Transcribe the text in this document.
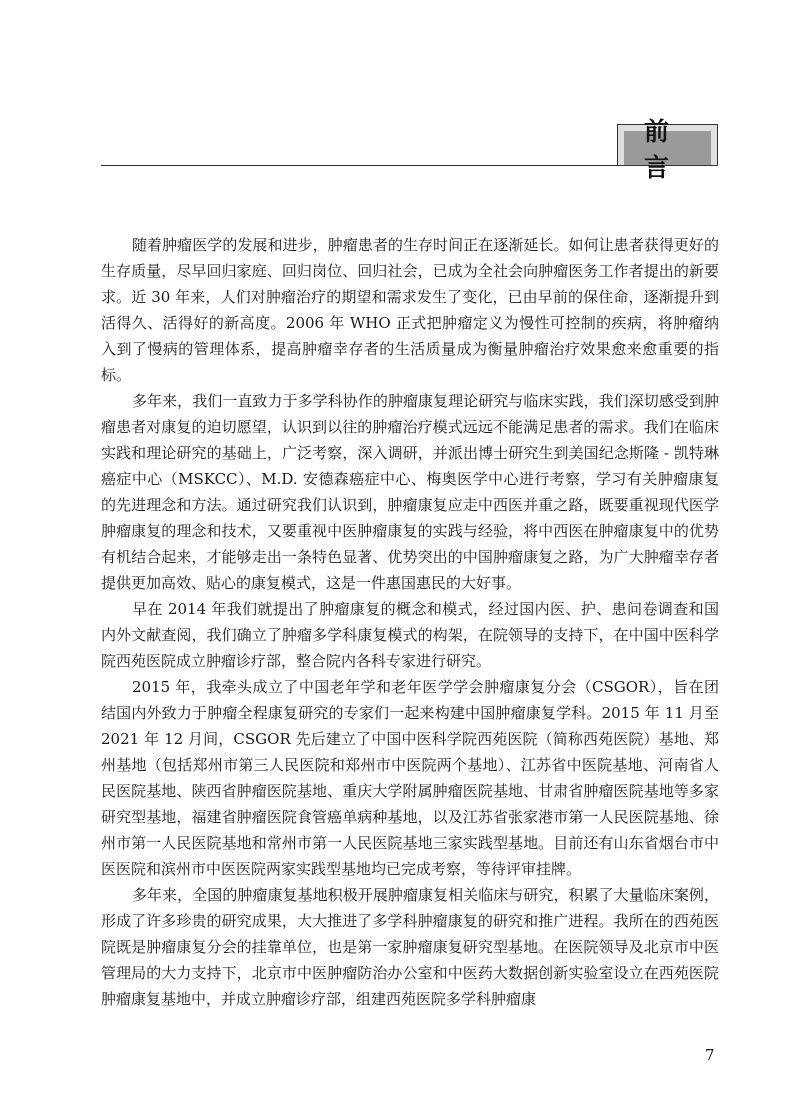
前 言

随着肿瘤医学的发展和进步，肿瘤患者的生存时间正在逐渐延长。如何让患者获得更好的生存质量，尽早回归家庭、回归岗位、回归社会，已成为全社会向肿瘤医务工作者提出的新要求。近 30 年来，人们对肿瘤治疗的期望和需求发生了变化，已由早前的保住命，逐渐提升到活得久、活得好的新高度。2006 年 WHO 正式把肿瘤定义为慢性可控制的疾病，将肿瘤纳入到了慢病的管理体系，提高肿瘤幸存者的生活质量成为衡量肿瘤治疗效果愈来愈重要的指标。

多年来，我们一直致力于多学科协作的肿瘤康复理论研究与临床实践，我们深切感受到肿瘤患者对康复的迫切愿望，认识到以往的肿瘤治疗模式远远不能满足患者的需求。我们在临床实践和理论研究的基础上，广泛考察，深入调研，并派出博士研究生到美国纪念斯隆 - 凯特琳癌症中心（MSKCC）、M.D. 安德森癌症中心、梅奥医学中心进行考察，学习有关肿瘤康复的先进理念和方法。通过研究我们认识到，肿瘤康复应走中西医并重之路，既要重视现代医学肿瘤康复的理念和技术，又要重视中医肿瘤康复的实践与经验，将中西医在肿瘤康复中的优势有机结合起来，才能够走出一条特色显著、优势突出的中国肿瘤康复之路，为广大肿瘤幸存者提供更加高效、贴心的康复模式，这是一件惠国惠民的大好事。

早在 2014 年我们就提出了肿瘤康复的概念和模式，经过国内医、护、患问卷调查和国内外文献查阅，我们确立了肿瘤多学科康复模式的构架，在院领导的支持下，在中国中医科学院西苑医院成立肿瘤诊疗部，整合院内各科专家进行研究。

2015 年，我牵头成立了中国老年学和老年医学学会肿瘤康复分会（CSGOR），旨在团结国内外致力于肿瘤全程康复研究的专家们一起来构建中国肿瘤康复学科。2015 年 11 月至 2021 年 12 月间，CSGOR 先后建立了中国中医科学院西苑医院（简称西苑医院）基地、郑州基地（包括郑州市第三人民医院和郑州市中医院两个基地）、江苏省中医院基地、河南省人民医院基地、陕西省肿瘤医院基地、重庆大学附属肿瘤医院基地、甘肃省肿瘤医院基地等多家研究型基地，福建省肿瘤医院食管癌单病种基地，以及江苏省张家港市第一人民医院基地、徐州市第一人民医院基地和常州市第一人民医院基地三家实践型基地。目前还有山东省烟台市中医医院和滨州市中医医院两家实践型基地均已完成考察，等待评审挂牌。

多年来，全国的肿瘤康复基地积极开展肿瘤康复相关临床与研究，积累了大量临床案例，形成了许多珍贵的研究成果，大大推进了多学科肿瘤康复的研究和推广进程。我所在的西苑医院既是肿瘤康复分会的挂靠单位，也是第一家肿瘤康复研究型基地。在医院领导及北京市中医管理局的大力支持下，北京市中医肿瘤防治办公室和中医药大数据创新实验室设立在西苑医院肿瘤康复基地中，并成立肿瘤诊疗部，组建西苑医院多学科肿瘤康

7
